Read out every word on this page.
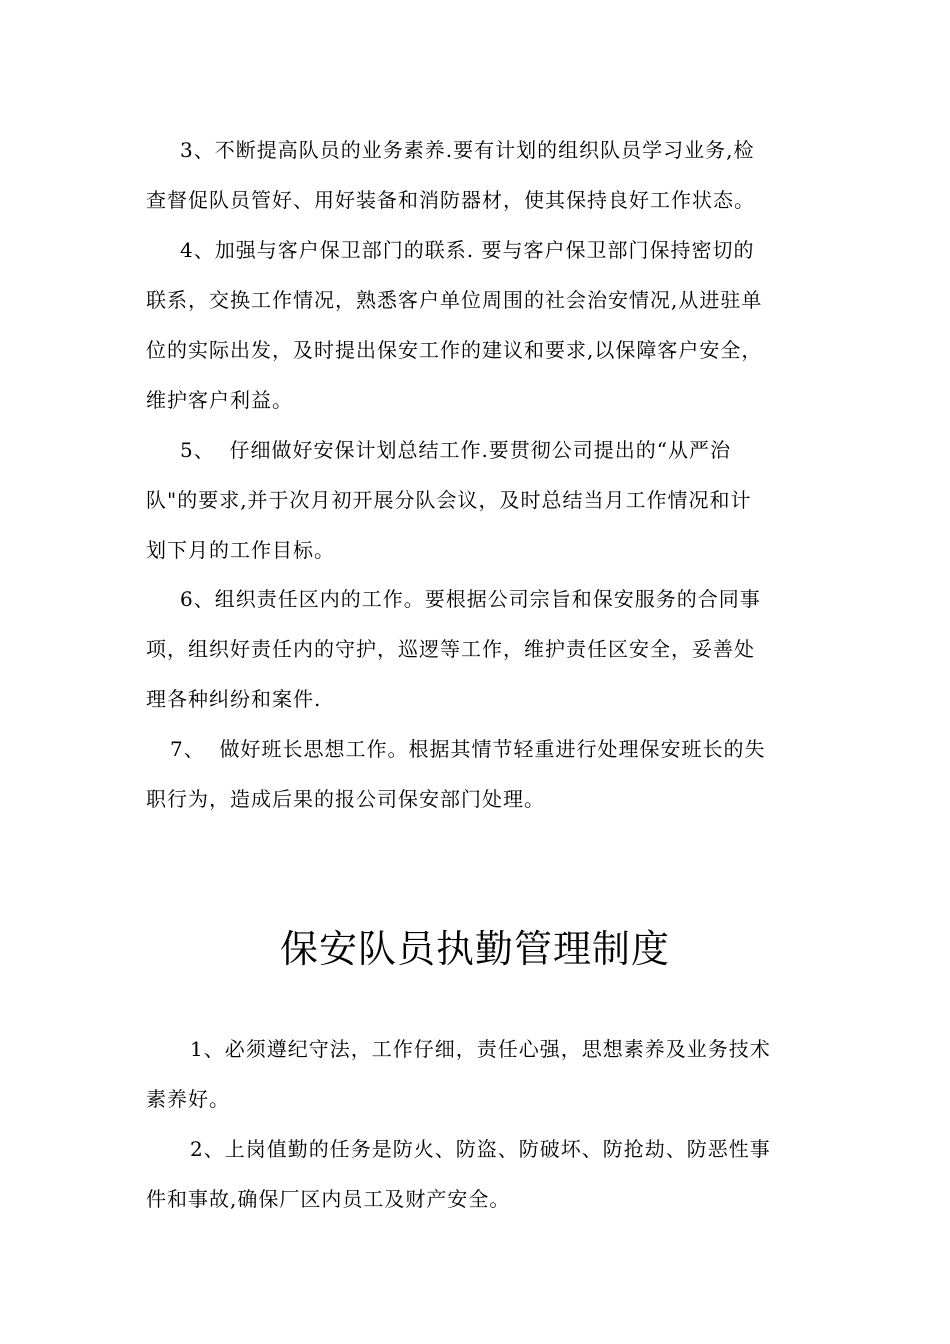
3、不断提高队员的业务素养.要有计划的组织队员学习业务,检
查督促队员管好、用好装备和消防器材，使其保持良好工作状态。
4、加强与客户保卫部门的联系. 要与客户保卫部门保持密切的
联系，交换工作情况，熟悉客户单位周围的社会治安情况,从进驻单
位的实际出发，及时提出保安工作的建议和要求,以保障客户安全，
维护客户利益。
5、  仔细做好安保计划总结工作.要贯彻公司提出的“从严治
队"的要求,并于次月初开展分队会议，及时总结当月工作情况和计
划下月的工作目标。
6、组织责任区内的工作。要根据公司宗旨和保安服务的合同事
项，组织好责任内的守护，巡逻等工作，维护责任区安全，妥善处
理各种纠纷和案件.
7、  做好班长思想工作。根据其情节轻重进行处理保安班长的失
职行为，造成后果的报公司保安部门处理。
保安队员执勤管理制度
1、必须遵纪守法，工作仔细，责任心强，思想素养及业务技术
素养好。
2、上岗值勤的任务是防火、防盗、防破坏、防抢劫、防恶性事
件和事故,确保厂区内员工及财产安全。
